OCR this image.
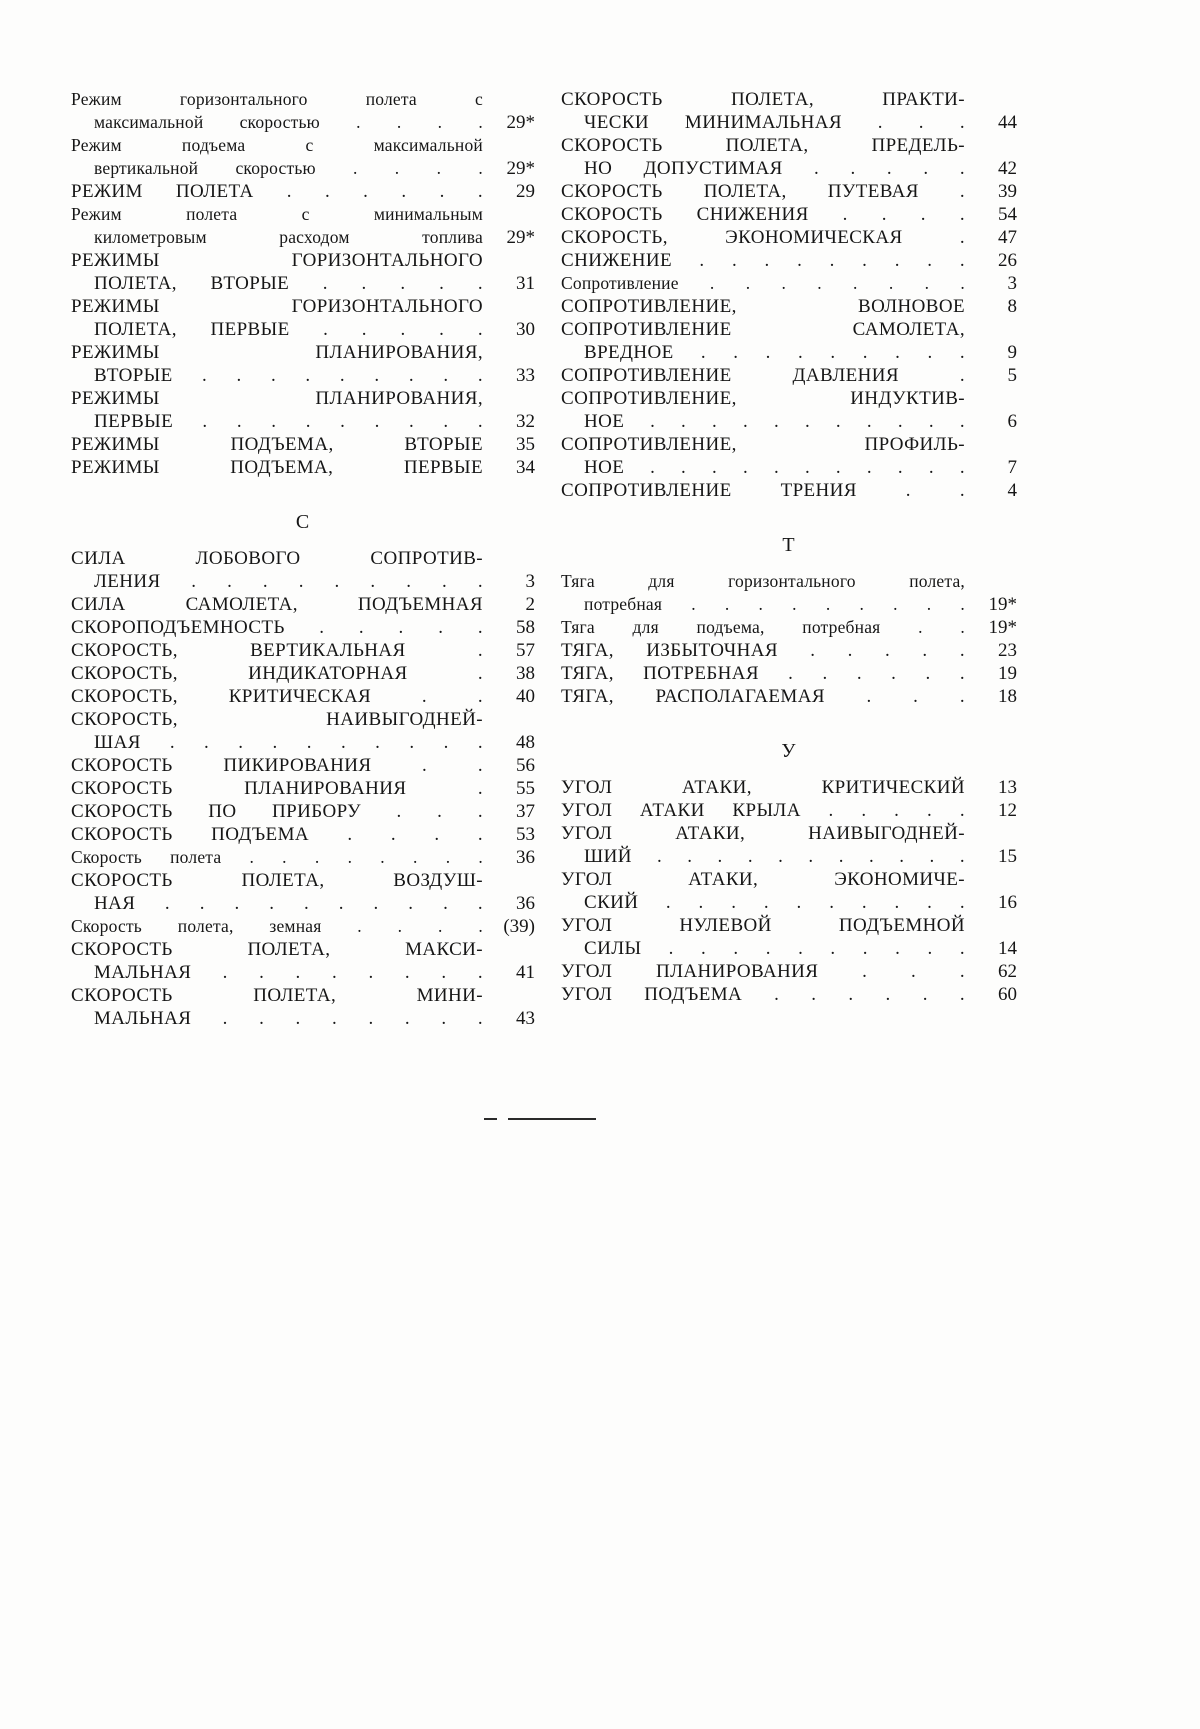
Режим горизонтального полета с
максимальной скоростью . . . .	29*
Режим подъема с максимальной
вертикальной скоростью . . . .	29*
РЕЖИМ ПОЛЕТА . . . . . .	29
Режим полета с минимальным
километровым расходом топлива	29*
РЕЖИМЫ ГОРИЗОНТАЛЬНОГО
ПОЛЕТА, ВТОРЫЕ . . . . .	31
РЕЖИМЫ ГОРИЗОНТАЛЬНОГО
ПОЛЕТА, ПЕРВЫЕ . . . . .	30
РЕЖИМЫ ПЛАНИРОВАНИЯ,
ВТОРЫЕ . . . . . . . . .	33
РЕЖИМЫ ПЛАНИРОВАНИЯ,
ПЕРВЫЕ . . . . . . . . .	32
РЕЖИМЫ ПОДЪЕМА, ВТОРЫЕ	35
РЕЖИМЫ ПОДЪЕМА, ПЕРВЫЕ	34
С
СИЛА ЛОБОВОГО СОПРОТИВ-
ЛЕНИЯ . . . . . . . . .	3
СИЛА САМОЛЕТА, ПОДЪЕМНАЯ	2
СКОРОПОДЪЕМНОСТЬ . . . . .	58
СКОРОСТЬ, ВЕРТИКАЛЬНАЯ .	57
СКОРОСТЬ, ИНДИКАТОРНАЯ .	38
СКОРОСТЬ, КРИТИЧЕСКАЯ . .	40
СКОРОСТЬ, НАИВЫГОДНЕЙ-
ШАЯ . . . . . . . . . .	48
СКОРОСТЬ ПИКИРОВАНИЯ . .	56
СКОРОСТЬ ПЛАНИРОВАНИЯ .	55
СКОРОСТЬ ПО ПРИБОРУ . . .	37
СКОРОСТЬ ПОДЪЕМА . . . .	53
Скорость полета . . . . . . . .	36
СКОРОСТЬ ПОЛЕТА, ВОЗДУШ-
НАЯ . . . . . . . . . .	36
Скорость полета, земная . . . .	(39)
СКОРОСТЬ ПОЛЕТА, МАКСИ-
МАЛЬНАЯ . . . . . . . .	41
СКОРОСТЬ ПОЛЕТА, МИНИ-
МАЛЬНАЯ . . . . . . . .	43
СКОРОСТЬ ПОЛЕТА, ПРАКТИ-
ЧЕСКИ МИНИМАЛЬНАЯ . . .	44
СКОРОСТЬ ПОЛЕТА, ПРЕДЕЛЬ-
НО ДОПУСТИМАЯ . . . . .	42
СКОРОСТЬ ПОЛЕТА, ПУТЕВАЯ .	39
СКОРОСТЬ СНИЖЕНИЯ . . . .	54
СКОРОСТЬ, ЭКОНОМИЧЕСКАЯ .	47
СНИЖЕНИЕ . . . . . . . . .	26
Сопротивление . . . . . . . .	3
СОПРОТИВЛЕНИЕ, ВОЛНОВОЕ	8
СОПРОТИВЛЕНИЕ САМОЛЕТА,
ВРЕДНОЕ . . . . . . . . .	9
СОПРОТИВЛЕНИЕ ДАВЛЕНИЯ .	5
СОПРОТИВЛЕНИЕ, ИНДУКТИВ-
НОЕ . . . . . . . . . . .	6
СОПРОТИВЛЕНИЕ, ПРОФИЛЬ-
НОЕ . . . . . . . . . . .	7
СОПРОТИВЛЕНИЕ ТРЕНИЯ . .	4
Т
Тяга для горизонтального полета,
потребная . . . . . . . . .	19*
Тяга для подъема, потребная . .	19*
ТЯГА, ИЗБЫТОЧНАЯ . . . . .	23
ТЯГА, ПОТРЕБНАЯ . . . . . .	19
ТЯГА, РАСПОЛАГАЕМАЯ . . .	18
У
УГОЛ АТАКИ, КРИТИЧЕСКИЙ	13
УГОЛ АТАКИ КРЫЛА . . . . .	12
УГОЛ АТАКИ, НАИВЫГОДНЕЙ-
ШИЙ . . . . . . . . . . .	15
УГОЛ АТАКИ, ЭКОНОМИЧЕ-
СКИЙ . . . . . . . . . .	16
УГОЛ НУЛЕВОЙ ПОДЪЕМНОЙ
СИЛЫ . . . . . . . . . .	14
УГОЛ ПЛАНИРОВАНИЯ . . .	62
УГОЛ ПОДЪЕМА . . . . . .	60
